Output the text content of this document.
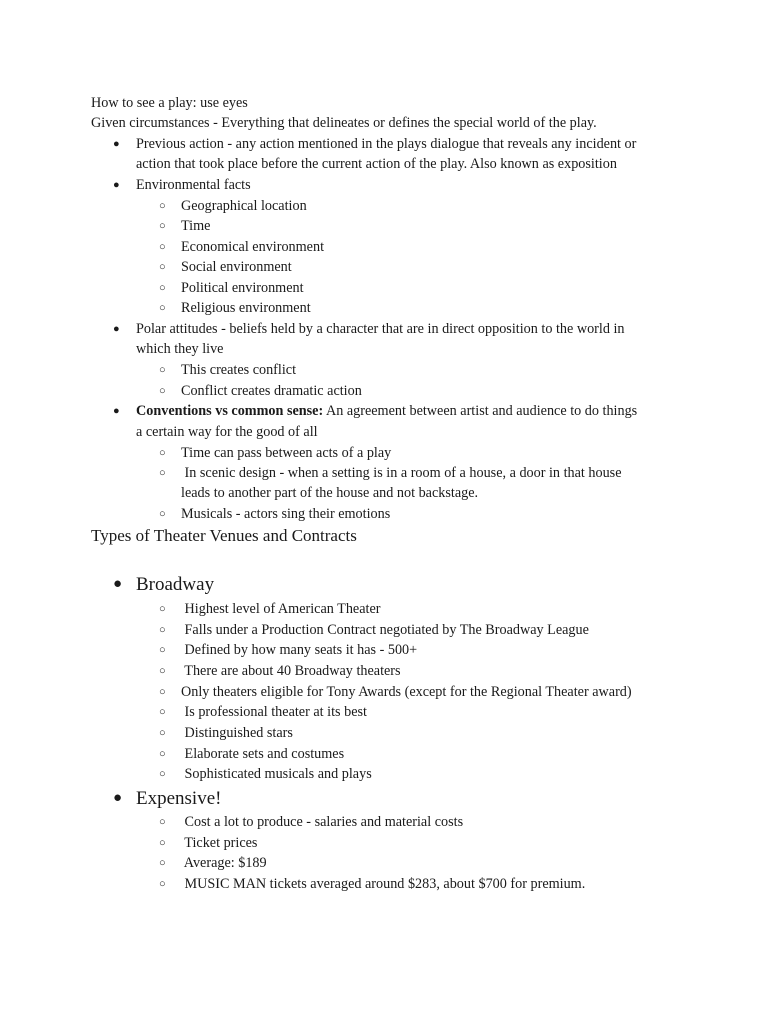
How to see a play: use eyes
Given circumstances - Everything that delineates or defines the special world of the play.
● Previous action - any action mentioned in the plays dialogue that reveals any incident or
action that took place before the current action of the play. Also known as exposition
● Environmental facts
○ Geographical location
○ Time
○ Economical environment
○ Social environment
○ Political environment
○ Religious environment
● Polar attitudes - beliefs held by a character that are in direct opposition to the world in
which they live
○ This creates conflict
○ Conflict creates dramatic action
● Conventions vs common sense: An agreement between artist and audience to do things
a certain way for the good of all
○ Time can pass between acts of a play
○ In scenic design - when a setting is in a room of a house, a door in that house
leads to another part of the house and not backstage.
○ Musicals - actors sing their emotions
Types of Theater Venues and Contracts
● Broadway
○ Highest level of American Theater
○ Falls under a Production Contract negotiated by The Broadway League
○ Defined by how many seats it has - 500+
○ There are about 40 Broadway theaters
○ Only theaters eligible for Tony Awards (except for the Regional Theater award)
○ Is professional theater at its best
○ Distinguished stars
○ Elaborate sets and costumes
○ Sophisticated musicals and plays
● Expensive!
○ Cost a lot to produce - salaries and material costs
○ Ticket prices
○ Average: $189
○ MUSIC MAN tickets averaged around $283, about $700 for premium.
